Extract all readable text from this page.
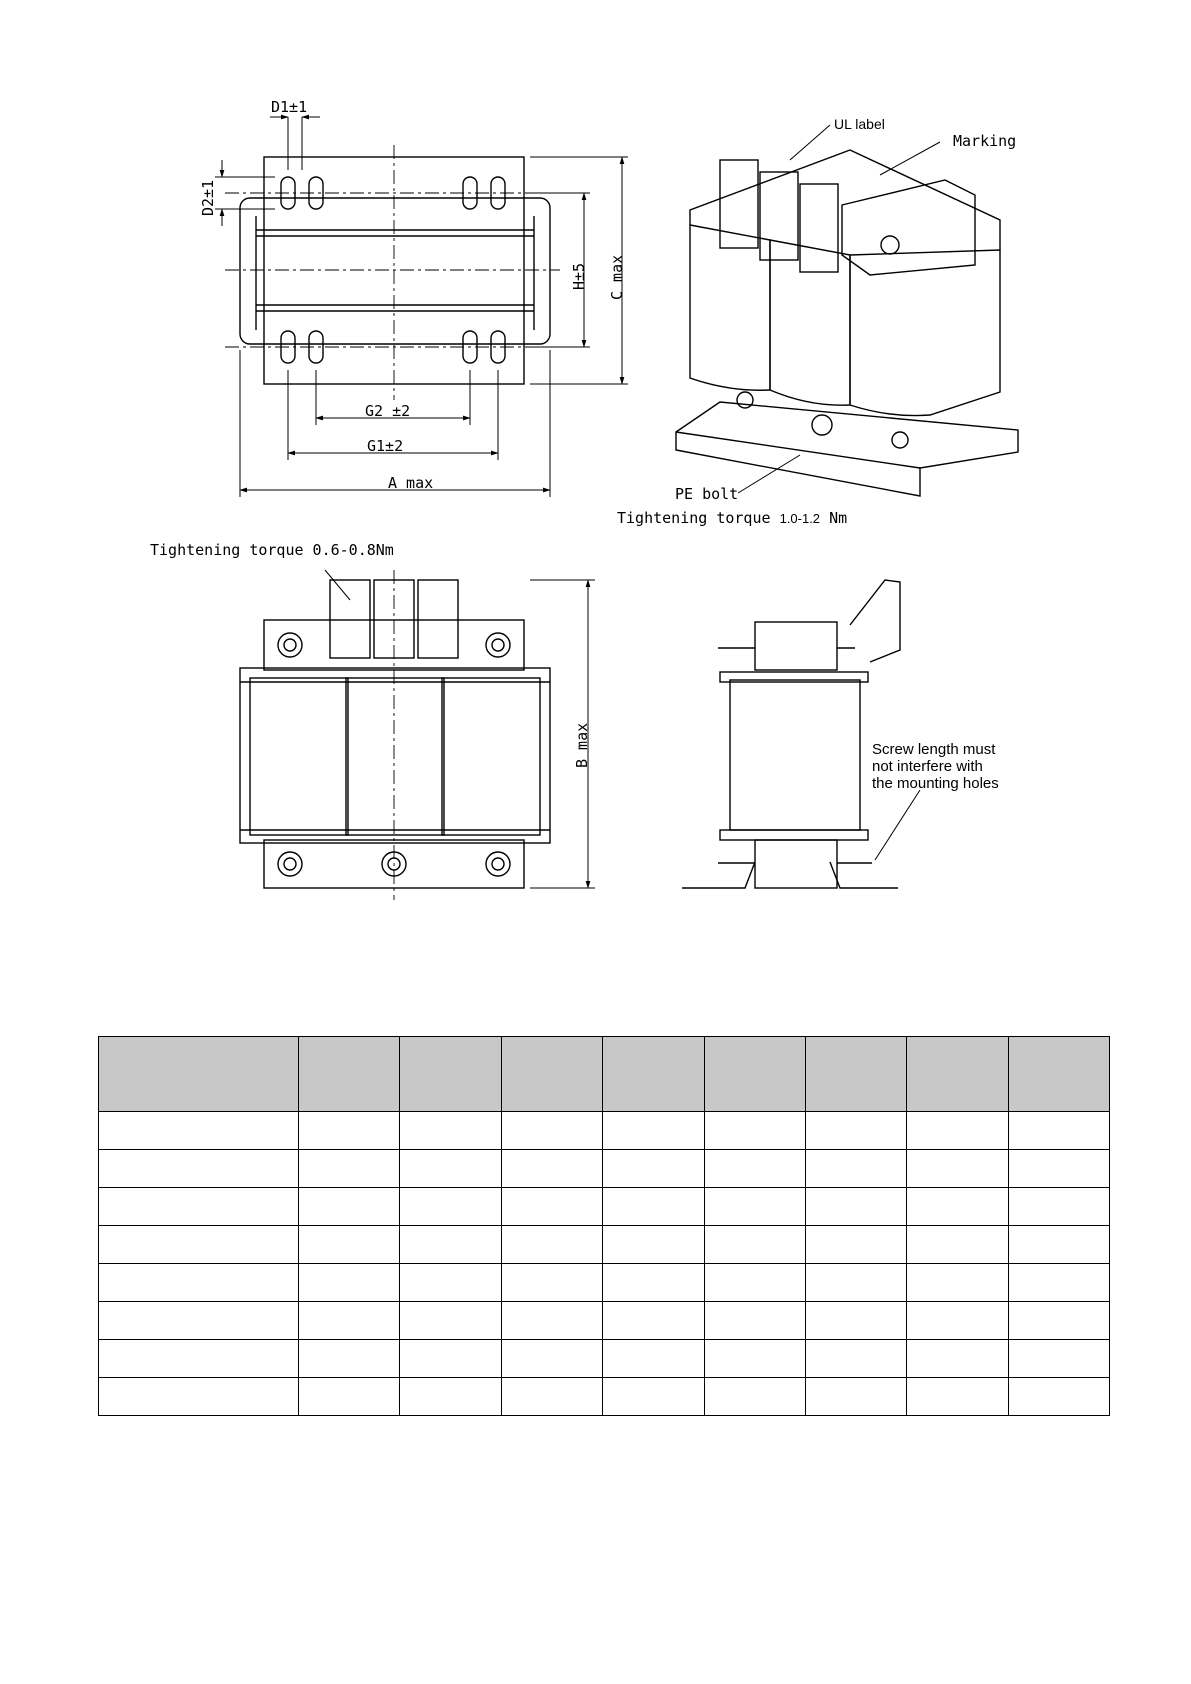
D1±1
D2±1
G2 ±2
G1±2
A max
H±5 C max
B max
UL label
Marking
PE bolt
Tightening torque 1.0-1.2 Nm
Tightening torque 0.6-0.8Nm
Screw length must
not interfere with
the mounting holes
